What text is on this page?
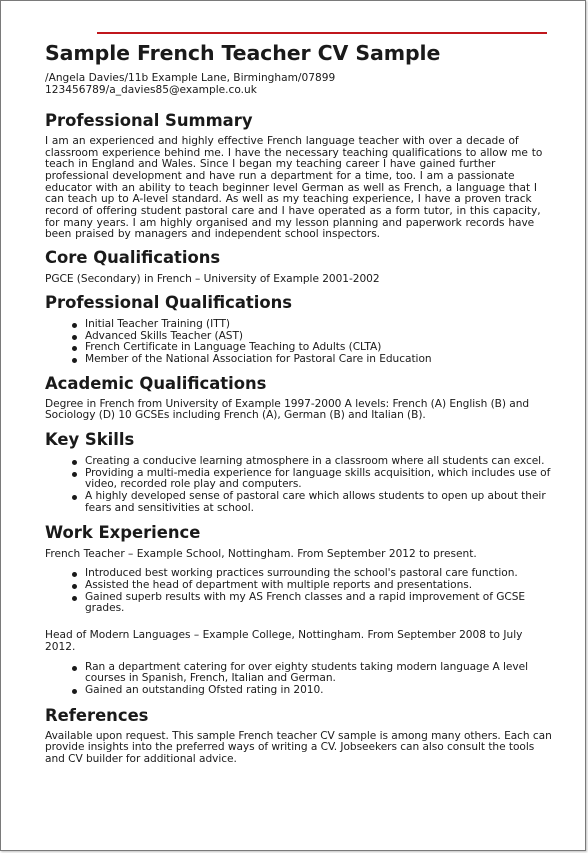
Sample French Teacher CV Sample
/Angela Davies/11b Example Lane, Birmingham/07899
123456789/a_davies85@example.co.uk
Professional Summary

I am an experienced and highly effective French language teacher with over a decade of classroom experience behind me. I have the necessary teaching qualifications to allow me to teach in England and Wales. Since I began my teaching career I have gained further professional development and have run a department for a time, too. I am a passionate educator with an ability to teach beginner level German as well as French, a language that I can teach up to A-level standard. As well as my teaching experience, I have a proven track record of offering student pastoral care and I have operated as a form tutor, in this capacity, for many years. I am highly organised and my lesson planning and paperwork records have been praised by managers and independent school inspectors.

Core Qualifications

PGCE (Secondary) in French – University of Example 2001-2002

Professional Qualifications
Initial Teacher Training (ITT)
Advanced Skills Teacher (AST)
French Certificate in Language Teaching to Adults (CLTA)
Member of the National Association for Pastoral Care in Education
Academic Qualifications

Degree in French from University of Example 1997-2000 A levels: French (A) English (B) and Sociology (D) 10 GCSEs including French (A), German (B) and Italian (B).

Key Skills
Creating a conducive learning atmosphere in a classroom where all students can excel.
Providing a multi-media experience for language skills acquisition, which includes use of video, recorded role play and computers.
A highly developed sense of pastoral care which allows students to open up about their fears and sensitivities at school.
Work Experience
French Teacher – Example School, Nottingham. From September 2012 to present.
Introduced best working practices surrounding the school's pastoral care function.
Assisted the head of department with multiple reports and presentations.
Gained superb results with my AS French classes and a rapid improvement of GCSE grades.
Head of Modern Languages – Example College, Nottingham. From September 2008 to July 2012.
Ran a department catering for over eighty students taking modern language A level courses in Spanish, French, Italian and German.
Gained an outstanding Ofsted rating in 2010.
References

Available upon request. This sample French teacher CV sample is among many others. Each can provide insights into the preferred ways of writing a CV. Jobseekers can also consult the tools and CV builder for additional advice.
